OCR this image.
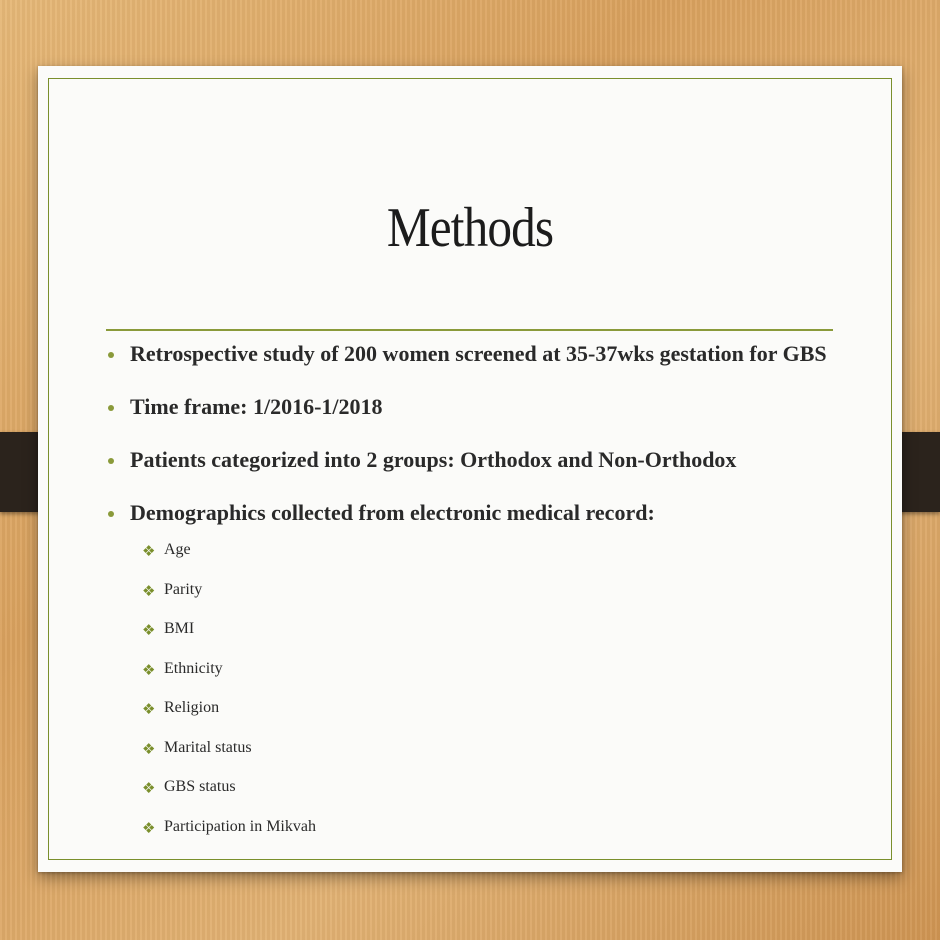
Methods
Retrospective study of 200 women screened at 35-37wks gestation for GBS
Time frame: 1/2016-1/2018
Patients categorized into 2 groups: Orthodox and Non-Orthodox
Demographics collected from electronic medical record:
❖ Age
❖ Parity
❖ BMI
❖ Ethnicity
❖ Religion
❖ Marital status
❖ GBS status
❖ Participation in Mikvah
